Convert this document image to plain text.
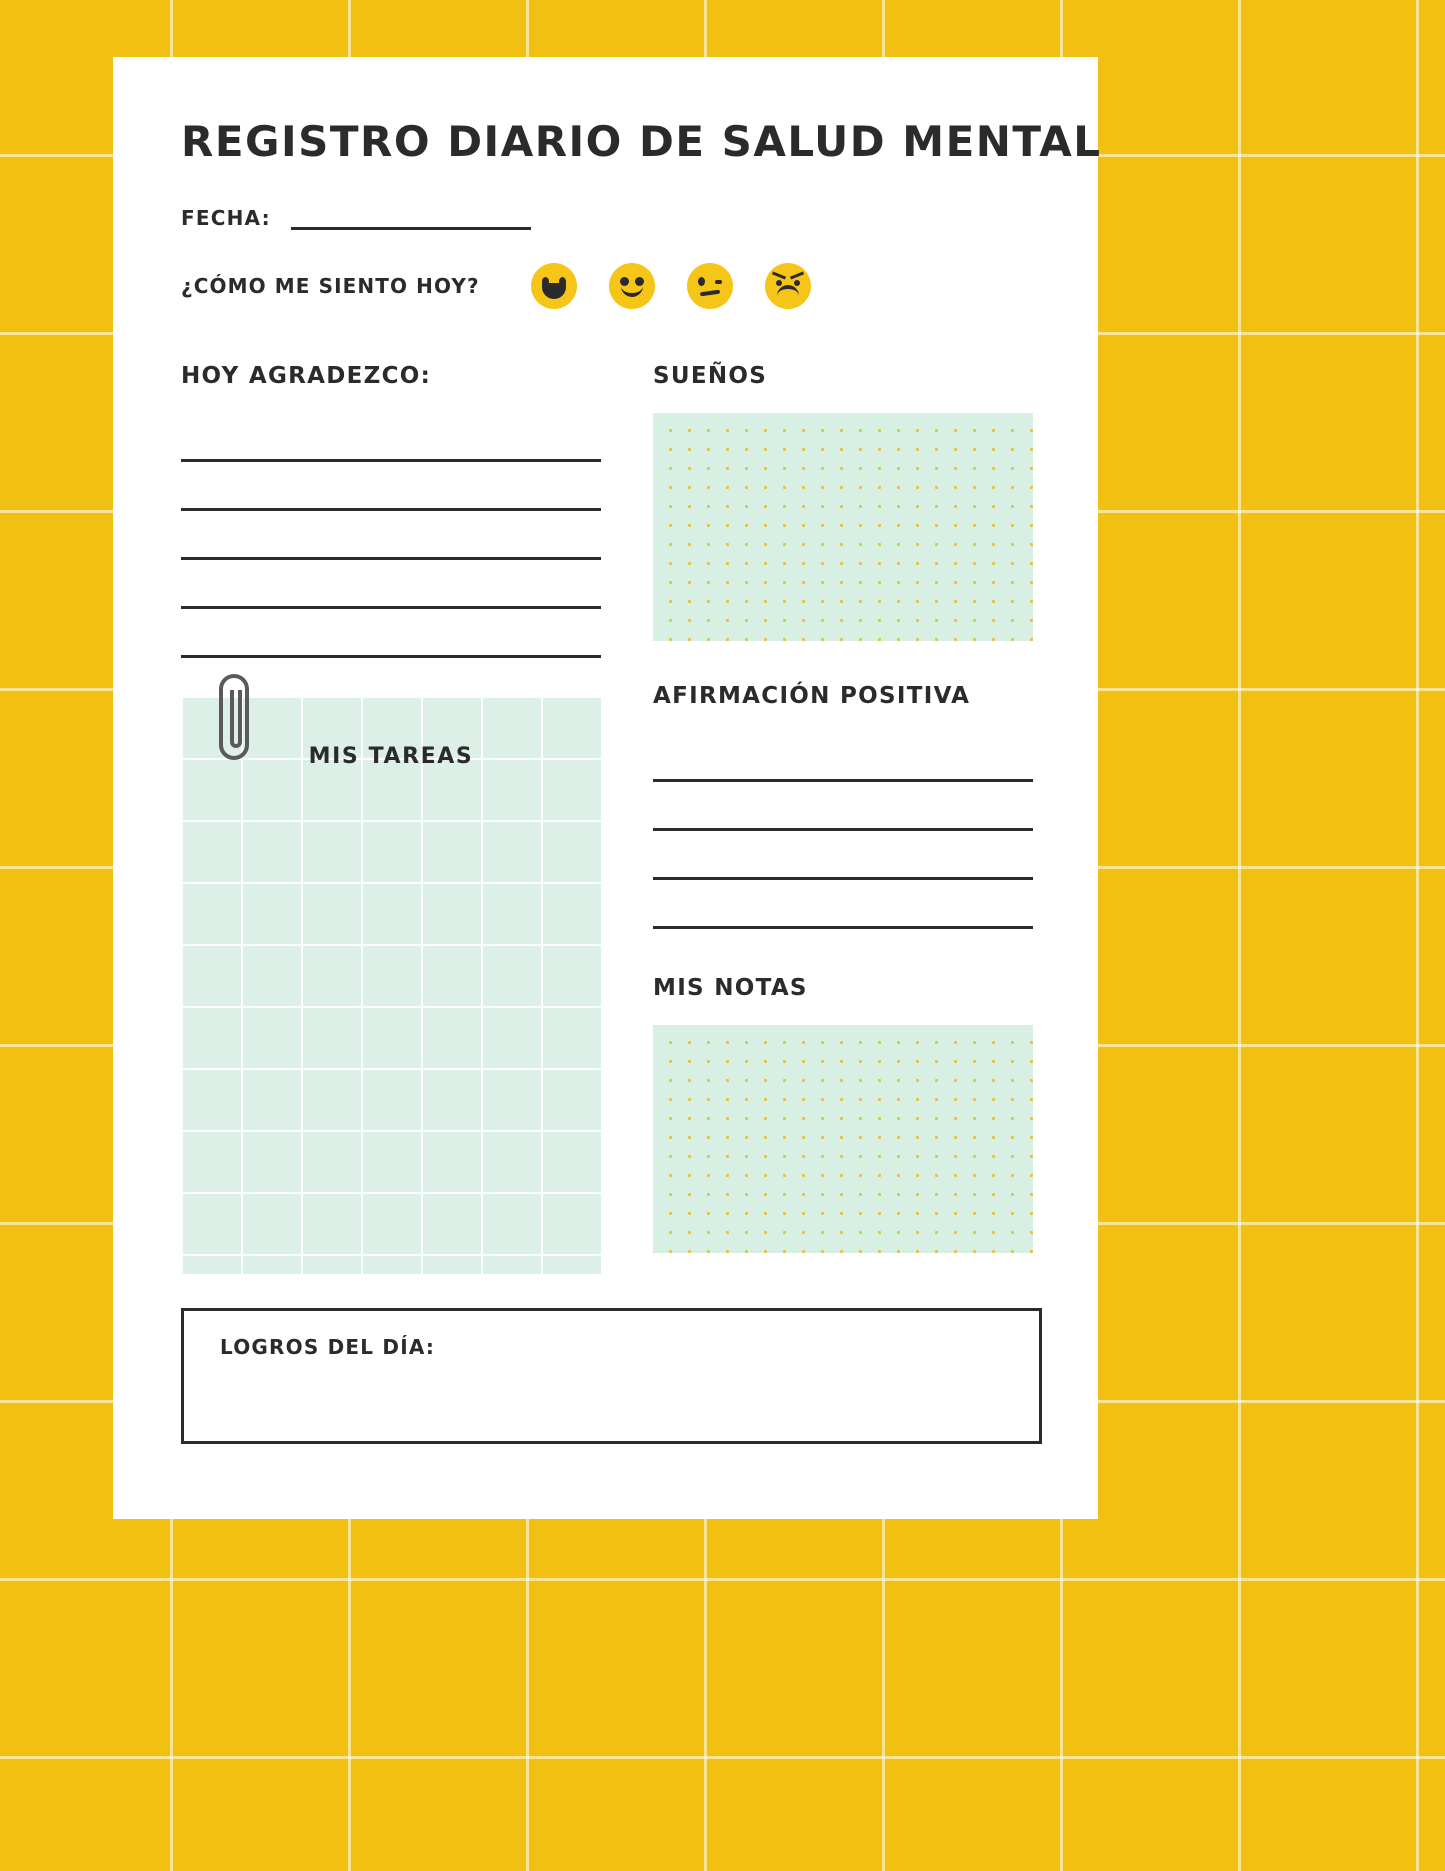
REGISTRO DIARIO DE SALUD MENTAL
FECHA:
¿CÓMO ME SIENTO HOY?
HOY AGRADEZCO:
MIS TAREAS
SUEÑOS
AFIRMACIÓN POSITIVA
MIS NOTAS
LOGROS DEL DÍA:
